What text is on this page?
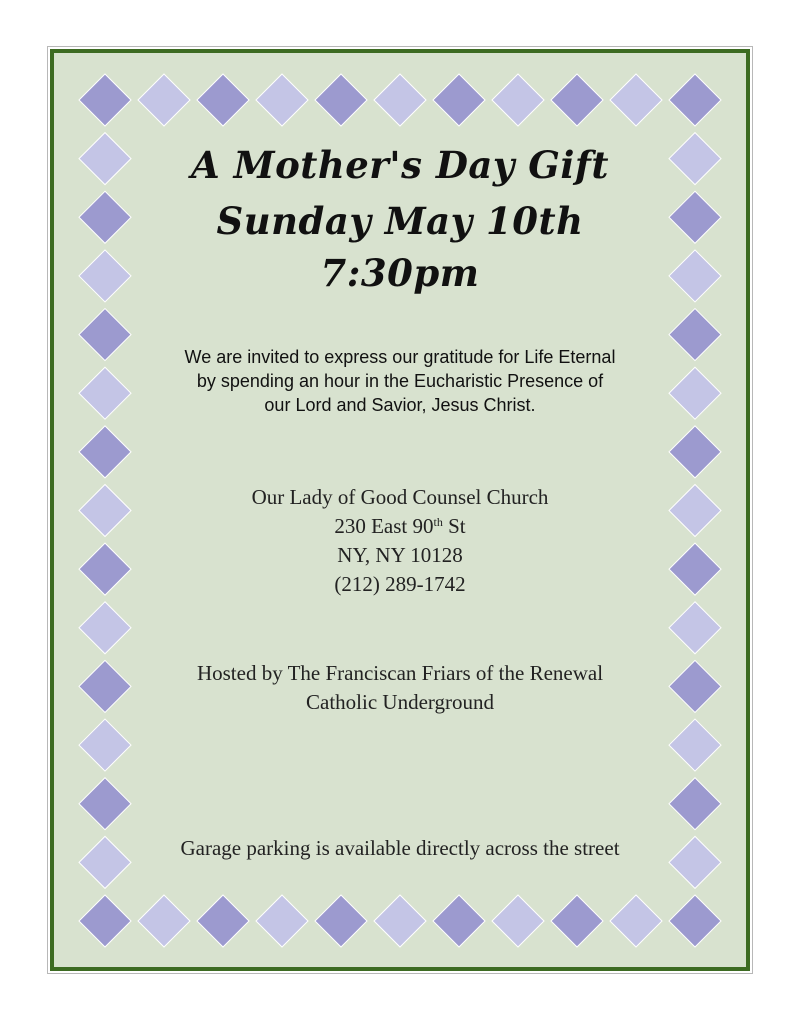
A Mother's Day Gift
Sunday May 10th
7:30pm
We are invited to express our gratitude for Life Eternal
by spending an hour in the Eucharistic Presence of
our Lord and Savior, Jesus Christ.
Our Lady of Good Counsel Church
230 East 90th St
NY, NY 10128
(212) 289-1742
Hosted by The Franciscan Friars of the Renewal
Catholic Underground
Garage parking is available directly across the street
